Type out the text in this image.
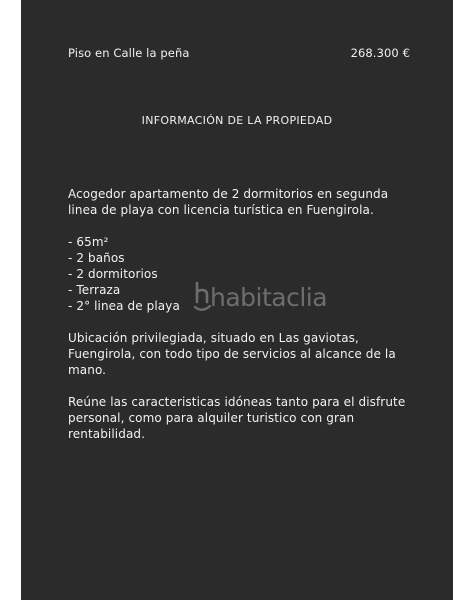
Piso en Calle la peña	268.300 €
INFORMACIÓN DE LA PROPIEDAD

Acogedor apartamento de 2 dormitorios en segunda linea de playa con licencia turística en Fuengirola.

- 65m²

- 2 baños

- 2 dormitorios

- Terraza

- 2° linea de playa

Ubicación privilegiada, situado en Las gaviotas, Fuengirola, con todo tipo de servicios al alcance de la mano.

Reúne las caracteristicas idóneas tanto para el disfrute personal, como para alquiler turistico con gran rentabilidad.

habitaclia
